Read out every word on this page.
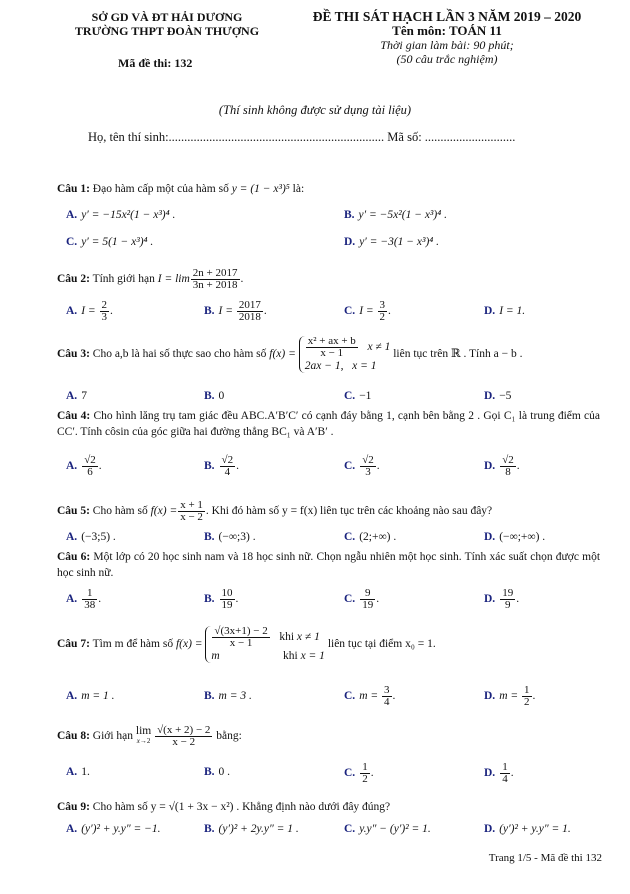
SỞ GD VÀ ĐT HẢI DƯƠNG
TRƯỜNG THPT ĐOÀN THƯỢNG
ĐỀ THI SÁT HẠCH LẦN 3 NĂM 2019 – 2020
Tên môn: TOÁN 11
Thời gian làm bài: 90 phút;
(50 câu trắc nghiệm)
Mã đề thi: 132
(Thí sinh không được sử dụng tài liệu)
Họ, tên thí sinh:..................................................................... Mã số: .............................
Câu 1: Đạo hàm cấp một của hàm số y = (1 − x³)⁵ là:
A. y′ = −15x²(1 − x³)⁴ .	B. y′ = −5x²(1 − x³)⁴ .
C. y′ = 5(1 − x³)⁴ .	D. y′ = −3(1 − x³)⁴ .
Câu 2: Tính giới hạn $I = \lim \frac{2n + 2017}{3n + 2018}$ .
A. $I = \frac{2}{3}$ .	B. $I = \frac{2017}{2018}$ .	C. $I = \frac{3}{2}$ .	D. I = 1.
Câu 3: Cho a,b là hai số thực sao cho hàm số $f(x) = \frac{\text{x² + ax + b}}{x - 1}$ x ≠ 1
2ax − 1,   x = 1 liên tục trên ℝ . Tính a − b .
A. 7	B. 0	C. −1	D. −5
Câu 4: Cho hình lăng trụ tam giác đều ABC.A′B′C′ có cạnh đáy bằng 1, cạnh bên bằng 2 . Gọi C₁ là trung điểm của CC′. Tính côsin của góc giữa hai đường thẳng BC₁ và A′B′ .
A. $\frac{√2}{6}$ .	B. $\frac{√2}{4}$ .	C. $\frac{√2}{3}$ .	D. $\frac{√2}{8}$ .
Câu 5: Cho hàm số $f(x) = \frac{x + 1}{x - 2}$ . Khi đó hàm số y = f(x) liên tục trên các khoảng nào sau đây?
A. (−3;5) .	B. (−∞;3) .	C. (2;+∞) .	D. (−∞;+∞) .
Câu 6: Một lớp có 20 học sinh nam và 18 học sinh nữ. Chọn ngẫu nhiên một học sinh. Tính xác suất chọn được một học sinh nữ.
A. $\frac{1}{38}$ .	B. $\frac{10}{19}$ .	C. $\frac{9}{19}$ .	D. $\frac{19}{9}$ .
Câu 7: Tìm m để hàm số $f(x) = \frac{√(3x+1) - 2}{x - 1}$ khi x ≠ 1
m                      khi x = 1 liên tục tại điểm x₀ = 1.
A. m = 1 .	B. m = 3 .	C. $m = \frac{3}{4}$ .	D. $m = \frac{1}{2}$ .
Câu 8: Giới hạn lim
$x\to 2 \frac{√(x + 2) - 2}{x - 2}$ bằng:
A. 1.	B. 0 .	C. $\frac{1}{2}$ .	D. $\frac{1}{4}$ .
Câu 9: Cho hàm số y = √(1 + 3x − x²) . Khẳng định nào dưới đây đúng?
A. (y′)² + y.y″ = −1.	B. (y′)² + 2y.y″ = 1 .	C. y.y″ − (y′)² = 1.	D. (y′)² + y.y″ = 1.
Trang 1/5 - Mã đề thi 132
